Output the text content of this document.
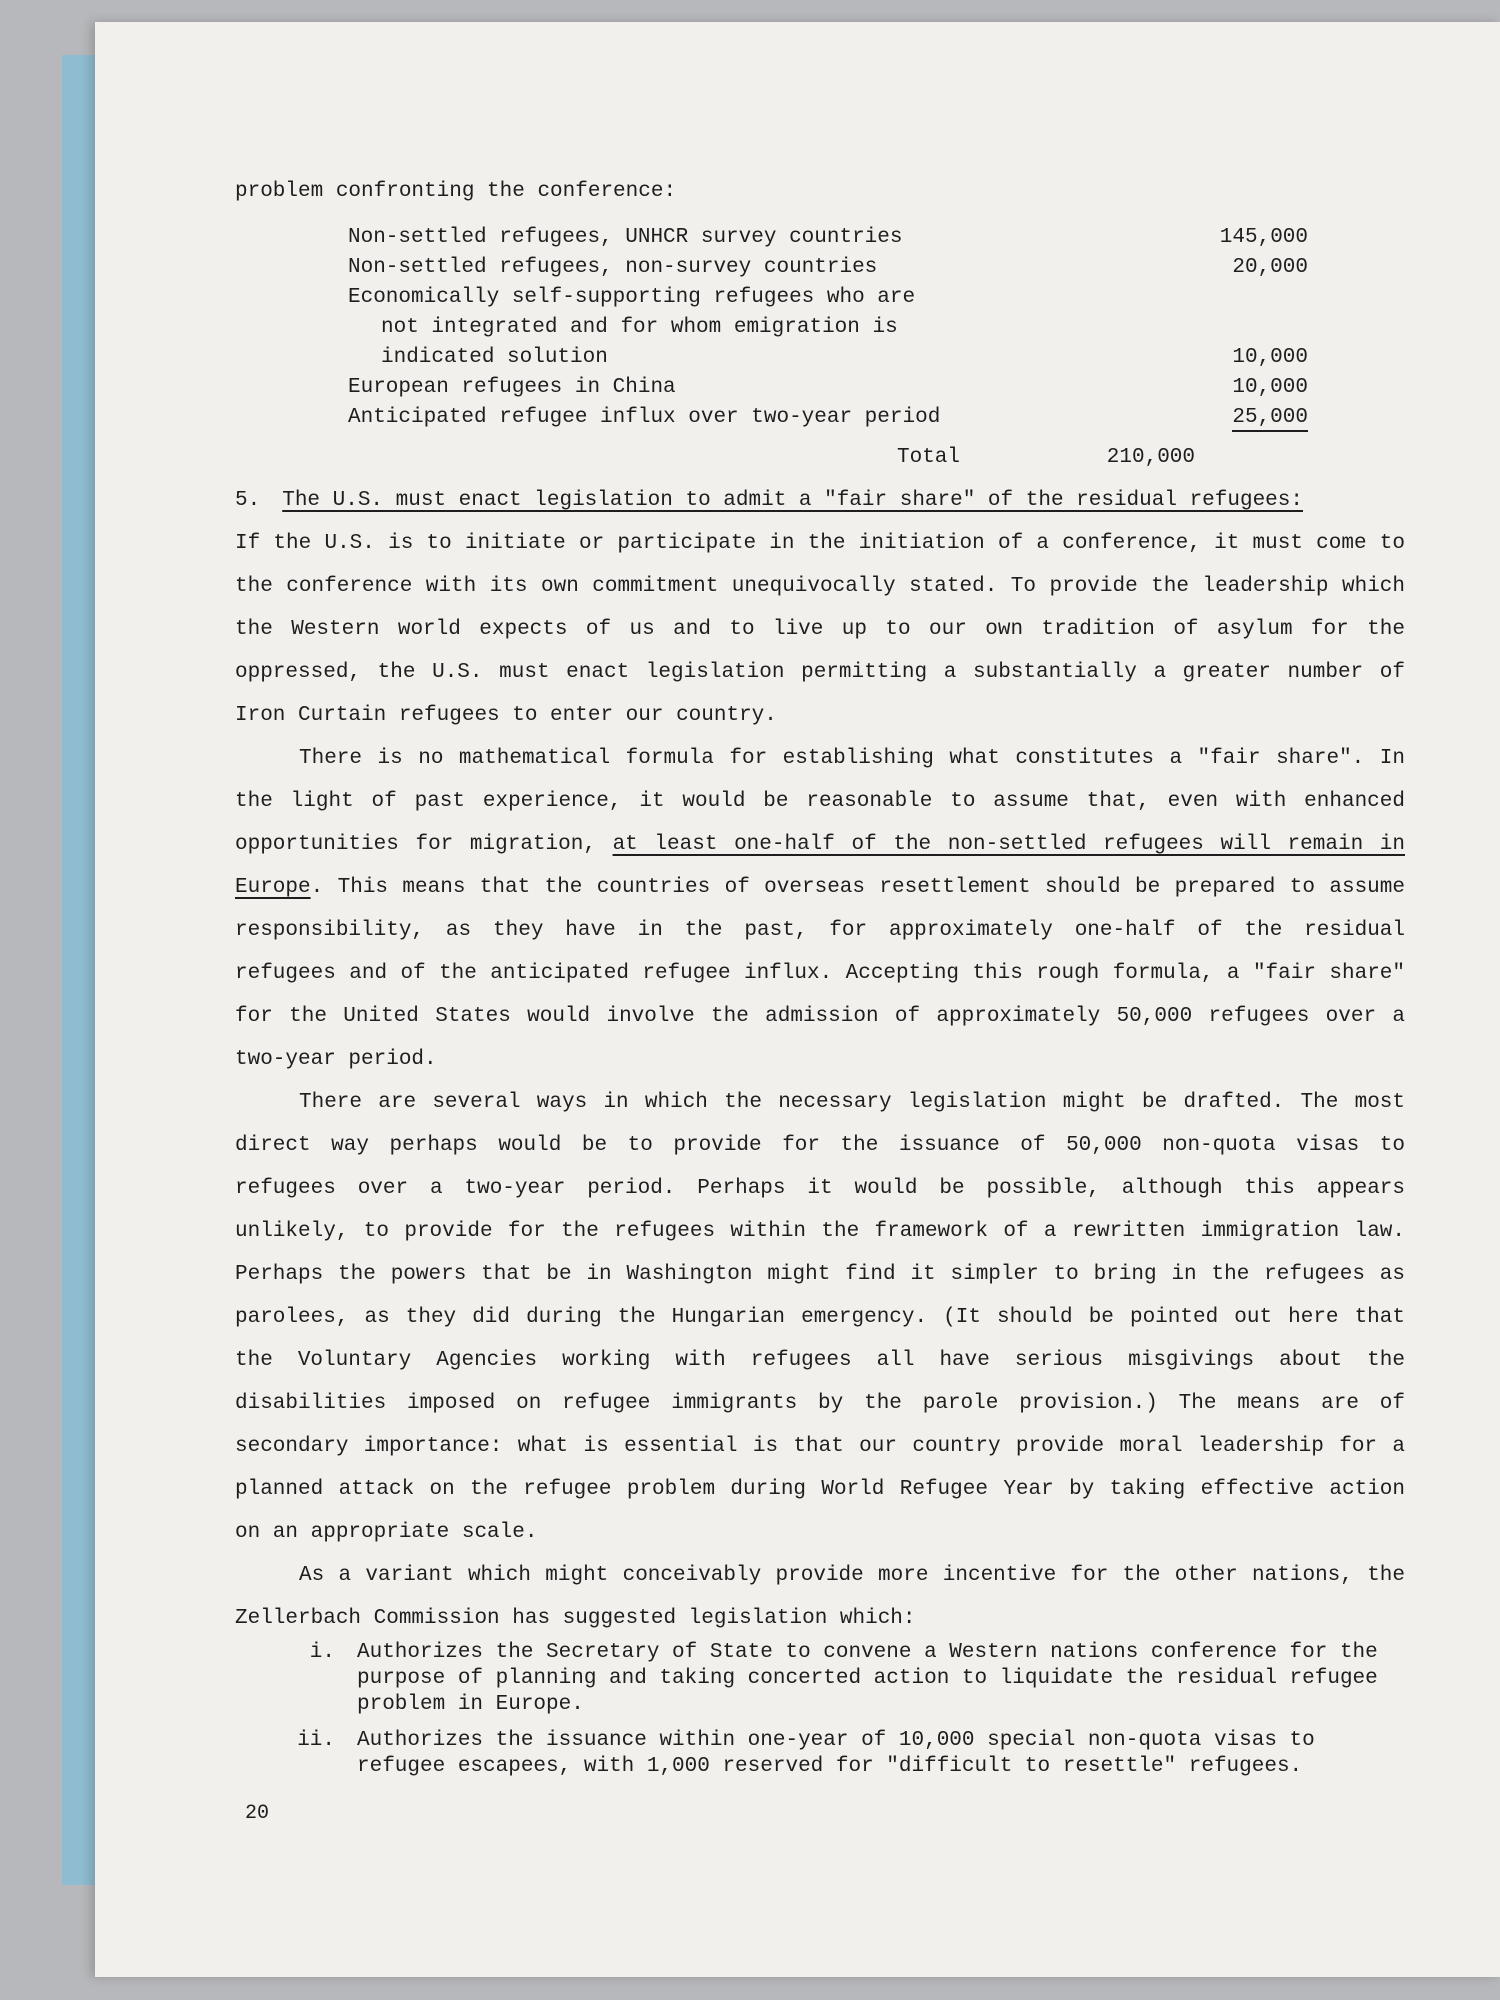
problem confronting the conference:
Non-settled refugees, UNHCR survey countries	145,000
Non-settled refugees, non-survey countries	20,000
Economically self-supporting refugees who are
not integrated and for whom emigration is
indicated solution	10,000
European refugees in China	10,000
Anticipated refugee influx over two-year period	25,000
Total	210,000

5. The U.S. must enact legislation to admit a "fair share" of the residual refugees:

If the U.S. is to initiate or participate in the initiation of a conference, it must come to the conference with its own commitment unequivocally stated. To provide the leadership which the Western world expects of us and to live up to our own tradition of asylum for the oppressed, the U.S. must enact legislation permitting a substantially a greater number of Iron Curtain refugees to enter our country.

There is no mathematical formula for establishing what constitutes a "fair share". In the light of past experience, it would be reasonable to assume that, even with enhanced opportunities for migration, at least one-half of the non-settled refugees will remain in Europe. This means that the countries of overseas resettlement should be prepared to assume responsibility, as they have in the past, for approximately one-half of the residual refugees and of the anticipated refugee influx. Accepting this rough formula, a "fair share" for the United States would involve the admission of approximately 50,000 refugees over a two-year period.

There are several ways in which the necessary legislation might be drafted. The most direct way perhaps would be to provide for the issuance of 50,000 non-quota visas to refugees over a two-year period. Perhaps it would be possible, although this appears unlikely, to provide for the refugees within the framework of a rewritten immigration law. Perhaps the powers that be in Washington might find it simpler to bring in the refugees as parolees, as they did during the Hungarian emergency. (It should be pointed out here that the Voluntary Agencies working with refugees all have serious misgivings about the disabilities imposed on refugee immigrants by the parole provision.) The means are of secondary importance: what is essential is that our country provide moral leadership for a planned attack on the refugee problem during World Refugee Year by taking effective action on an appropriate scale.

As a variant which might conceivably provide more incentive for the other nations, the Zellerbach Commission has suggested legislation which:

i.	Authorizes the Secretary of State to convene a Western nations conference for the purpose of planning and taking concerted action to liquidate the residual refugee problem in Europe.
ii.	Authorizes the issuance within one-year of 10,000 special non-quota visas to refugee escapees, with 1,000 reserved for "difficult to resettle" refugees.
20
